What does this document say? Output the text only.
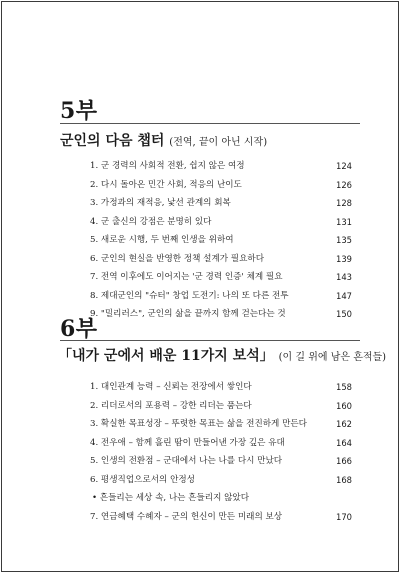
5부
군인의 다음 챕터 (전역, 끝이 아닌 시작)
1. 군 경력의 사회적 전환, 쉽지 않은 여정	124
2. 다시 돌아온 민간 사회, 적응의 난이도	126
3. 가정과의 재적응, 낯선 관계의 회복	128
4. 군 출신의 강점은 분명히 있다	131
5. 새로운 시행, 두 번째 인생을 위하여	135
6. 군인의 현실을 반영한 정책 설계가 필요하다	139
7. 전역 이후에도 이어지는 '군 경력 인증' 체계 필요	143
8. 제대군인의 "슈터" 창업 도전기: 나의 또 다른 전투	147
9. "밀리러스", 군인의 삶을 끝까지 함께 걷는다는 것	150
6부
「내가 군에서 배운 11가지 보석」 (이 길 위에 남은 흔적들)
1. 대인관계 능력 – 신뢰는 전장에서 쌓인다	158
2. 리더로서의 포용력 – 강한 리더는 품는다	160
3. 확실한 목표성장 – 뚜렷한 목표는 삶을 전진하게 만든다	162
4. 전우애 – 함께 흘린 땀이 만들어낸 가장 깊은 유대	164
5. 인생의 전환점 – 군대에서 나는 나를 다시 만났다	166
6. 평생직업으로서의 안정성	168
• 흔들리는 세상 속, 나는 흔들리지 않았다
7. 연금혜택 수혜자 – 군의 헌신이 만든 미래의 보상	170
